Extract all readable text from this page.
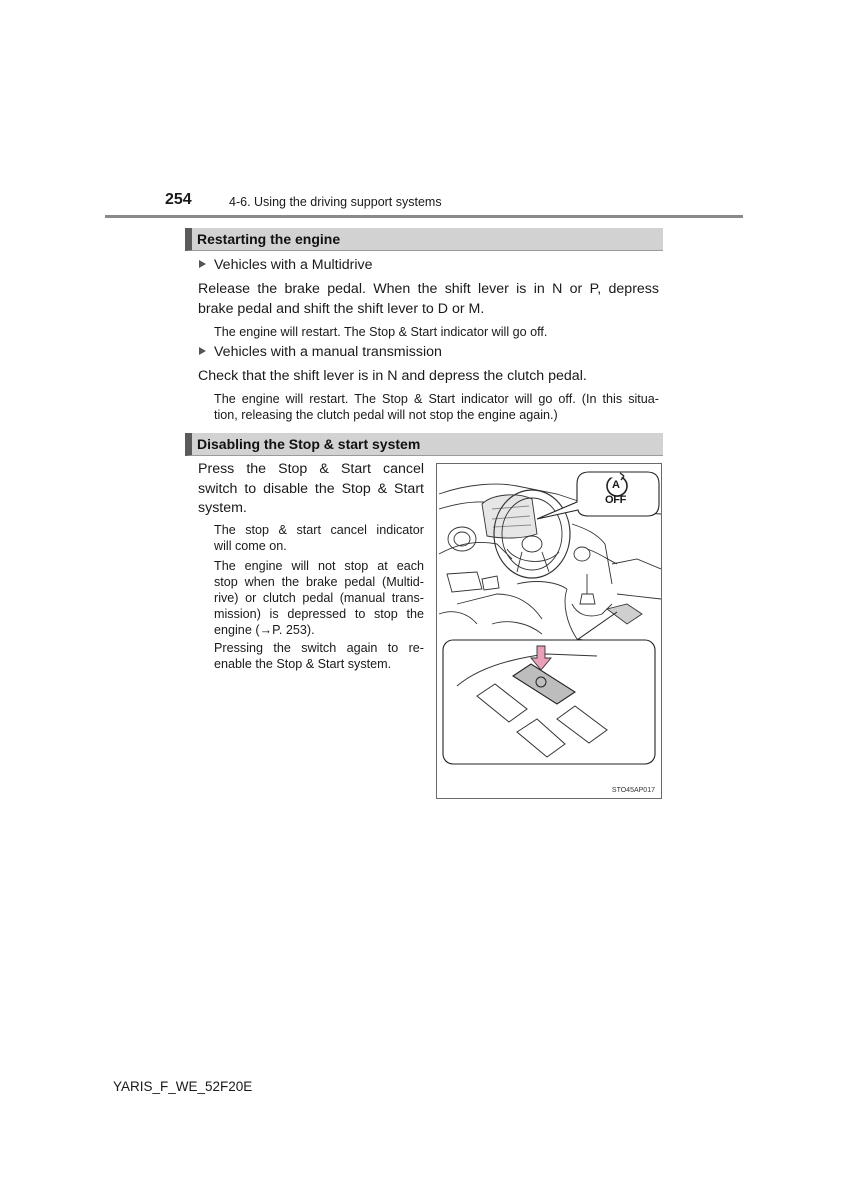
254	4-6. Using the driving support systems
Restarting the engine
Vehicles with a Multidrive
Release the brake pedal. When the shift lever is in N or P, depress
brake pedal and shift the shift lever to D or M.
The engine will restart. The Stop & Start indicator will go off.
Vehicles with a manual transmission
Check that the shift lever is in N and depress the clutch pedal.
The engine will restart. The Stop & Start indicator will go off. (In this situa-
tion, releasing the clutch pedal will not stop the engine again.)
Disabling the Stop & start system
Press the Stop & Start cancel
switch to disable the Stop & Start
system.
The stop & start cancel indicator
will come on.
The engine will not stop at each
stop when the brake pedal (Multid-
rive) or clutch pedal (manual trans-
mission) is depressed to stop the
engine (→P. 253).
Pressing the switch again to re-
enable the Stop & Start system.
A
OFF
STO45AP017
YARIS_F_WE_52F20E
